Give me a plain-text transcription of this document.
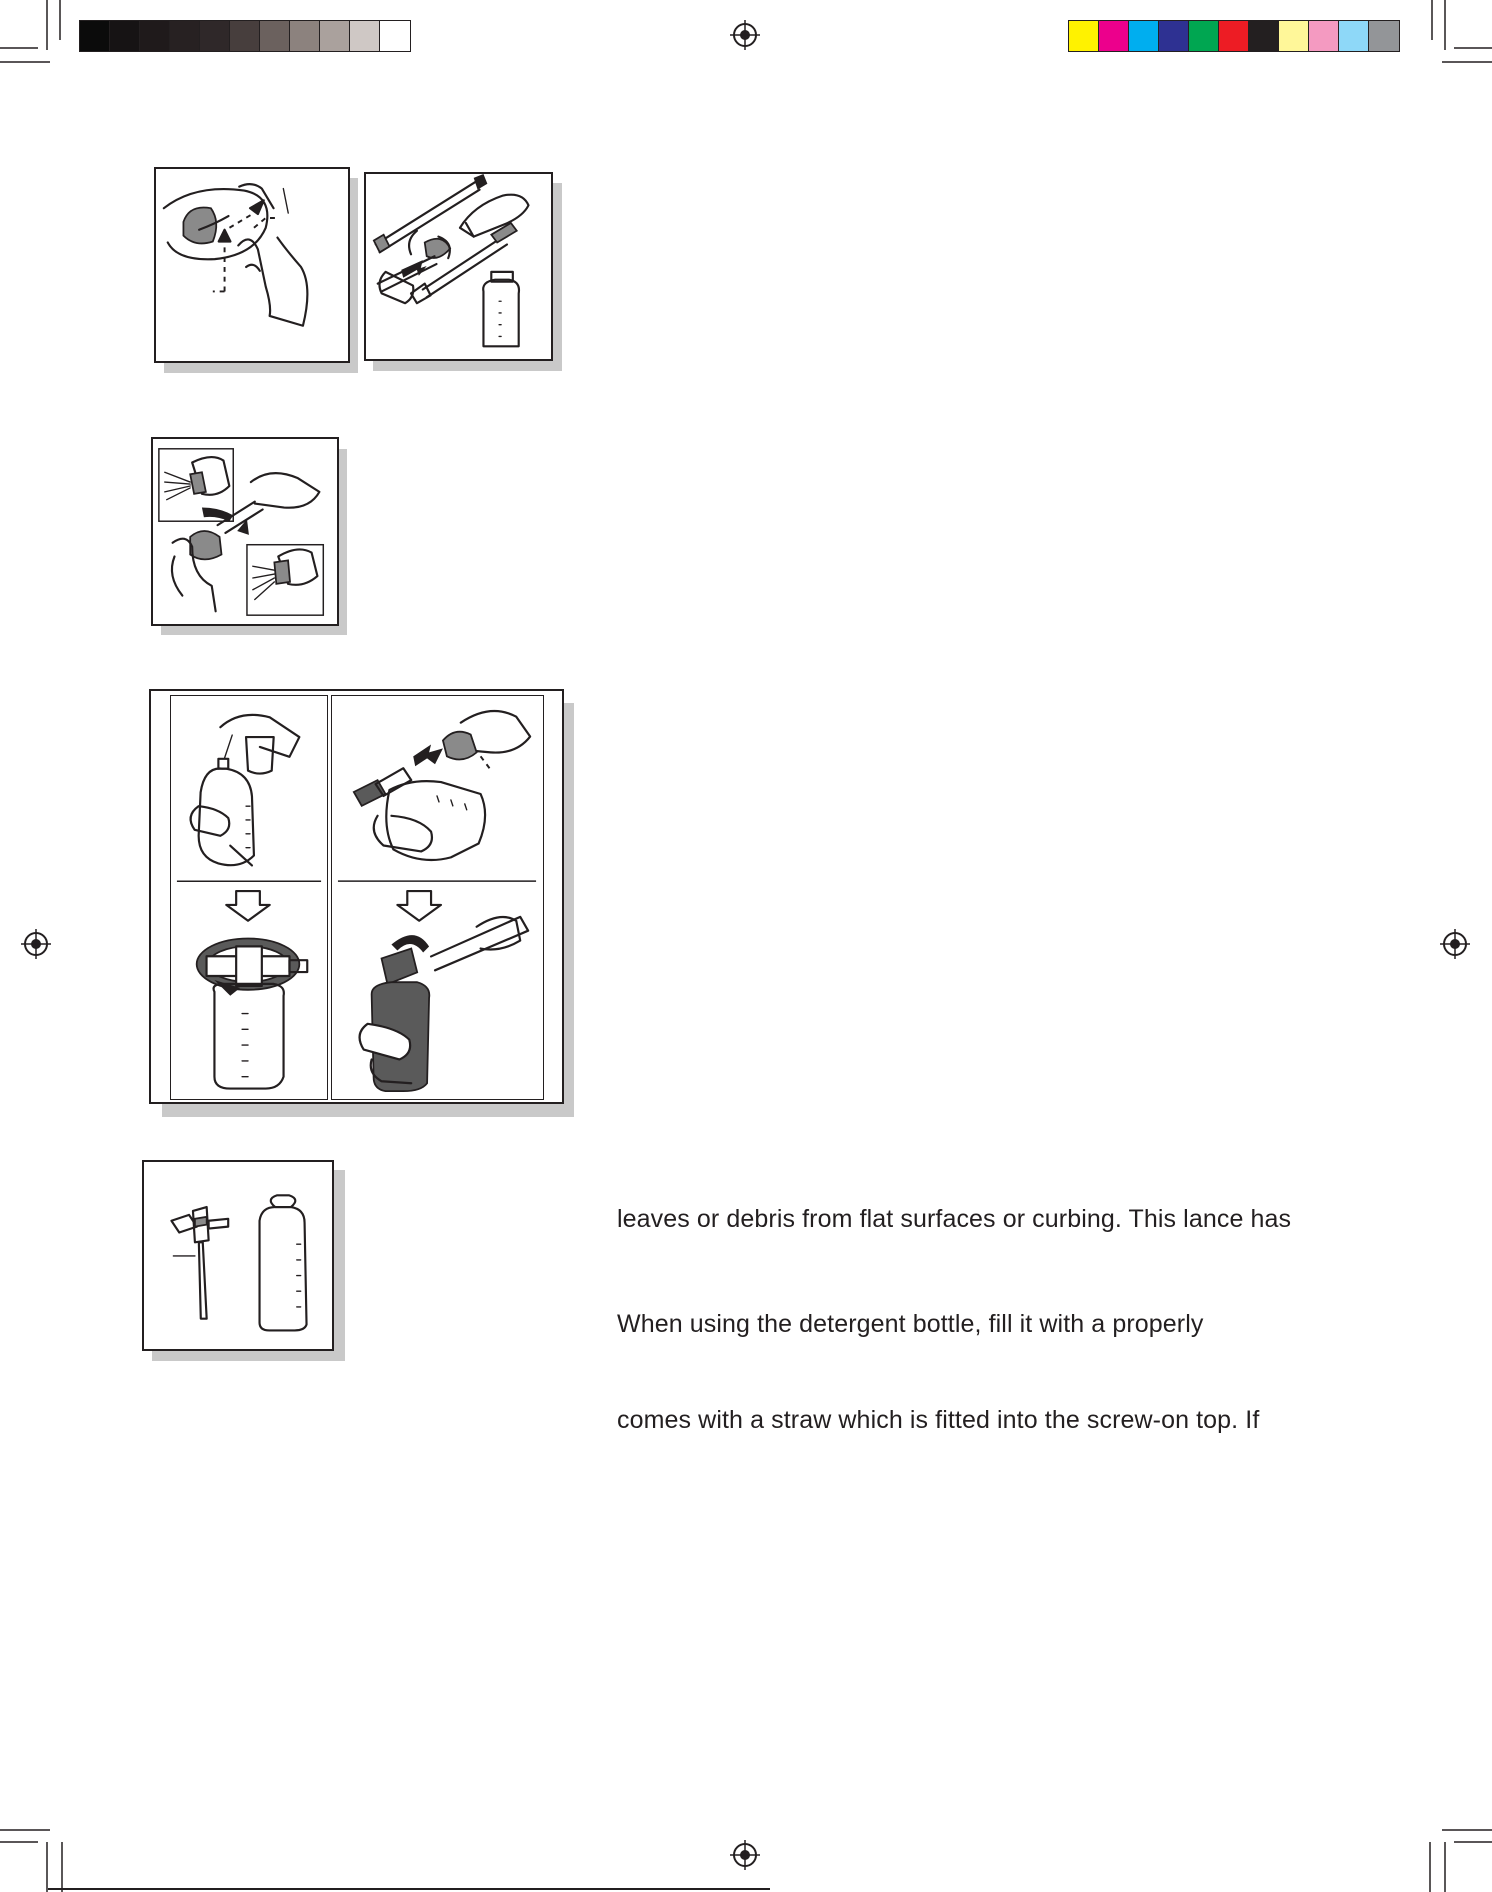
leaves or debris from flat surfaces or curbing. This lance has
When using the detergent bottle, fill it with a properly
comes with a straw which is fitted into the screw-on top. If
